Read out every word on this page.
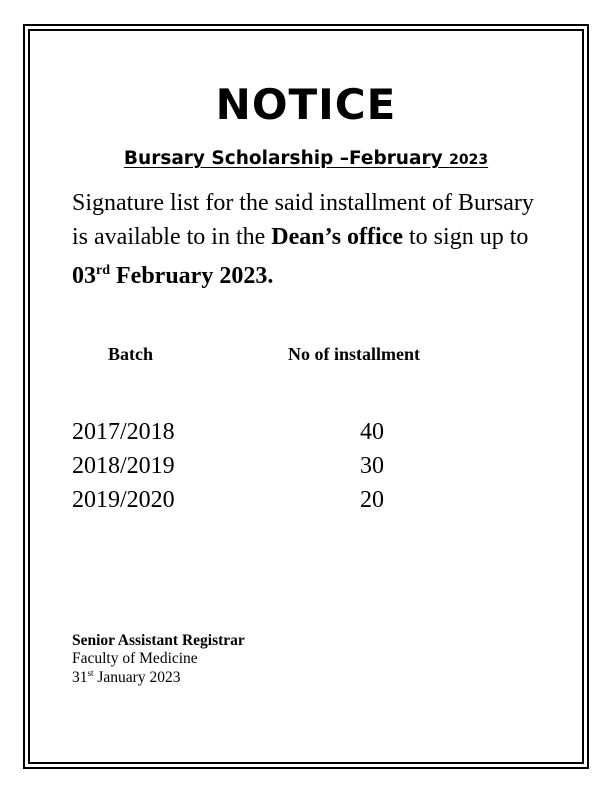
NOTICE
Bursary Scholarship –February 2023
Signature list for the said installment of Bursary
is available to in the Dean’s office to sign up to
03rd February 2023.
Batch	No of installment
2017/2018	40
2018/2019	30
2019/2020	20
Senior Assistant Registrar
Faculty of Medicine
31st January 2023
